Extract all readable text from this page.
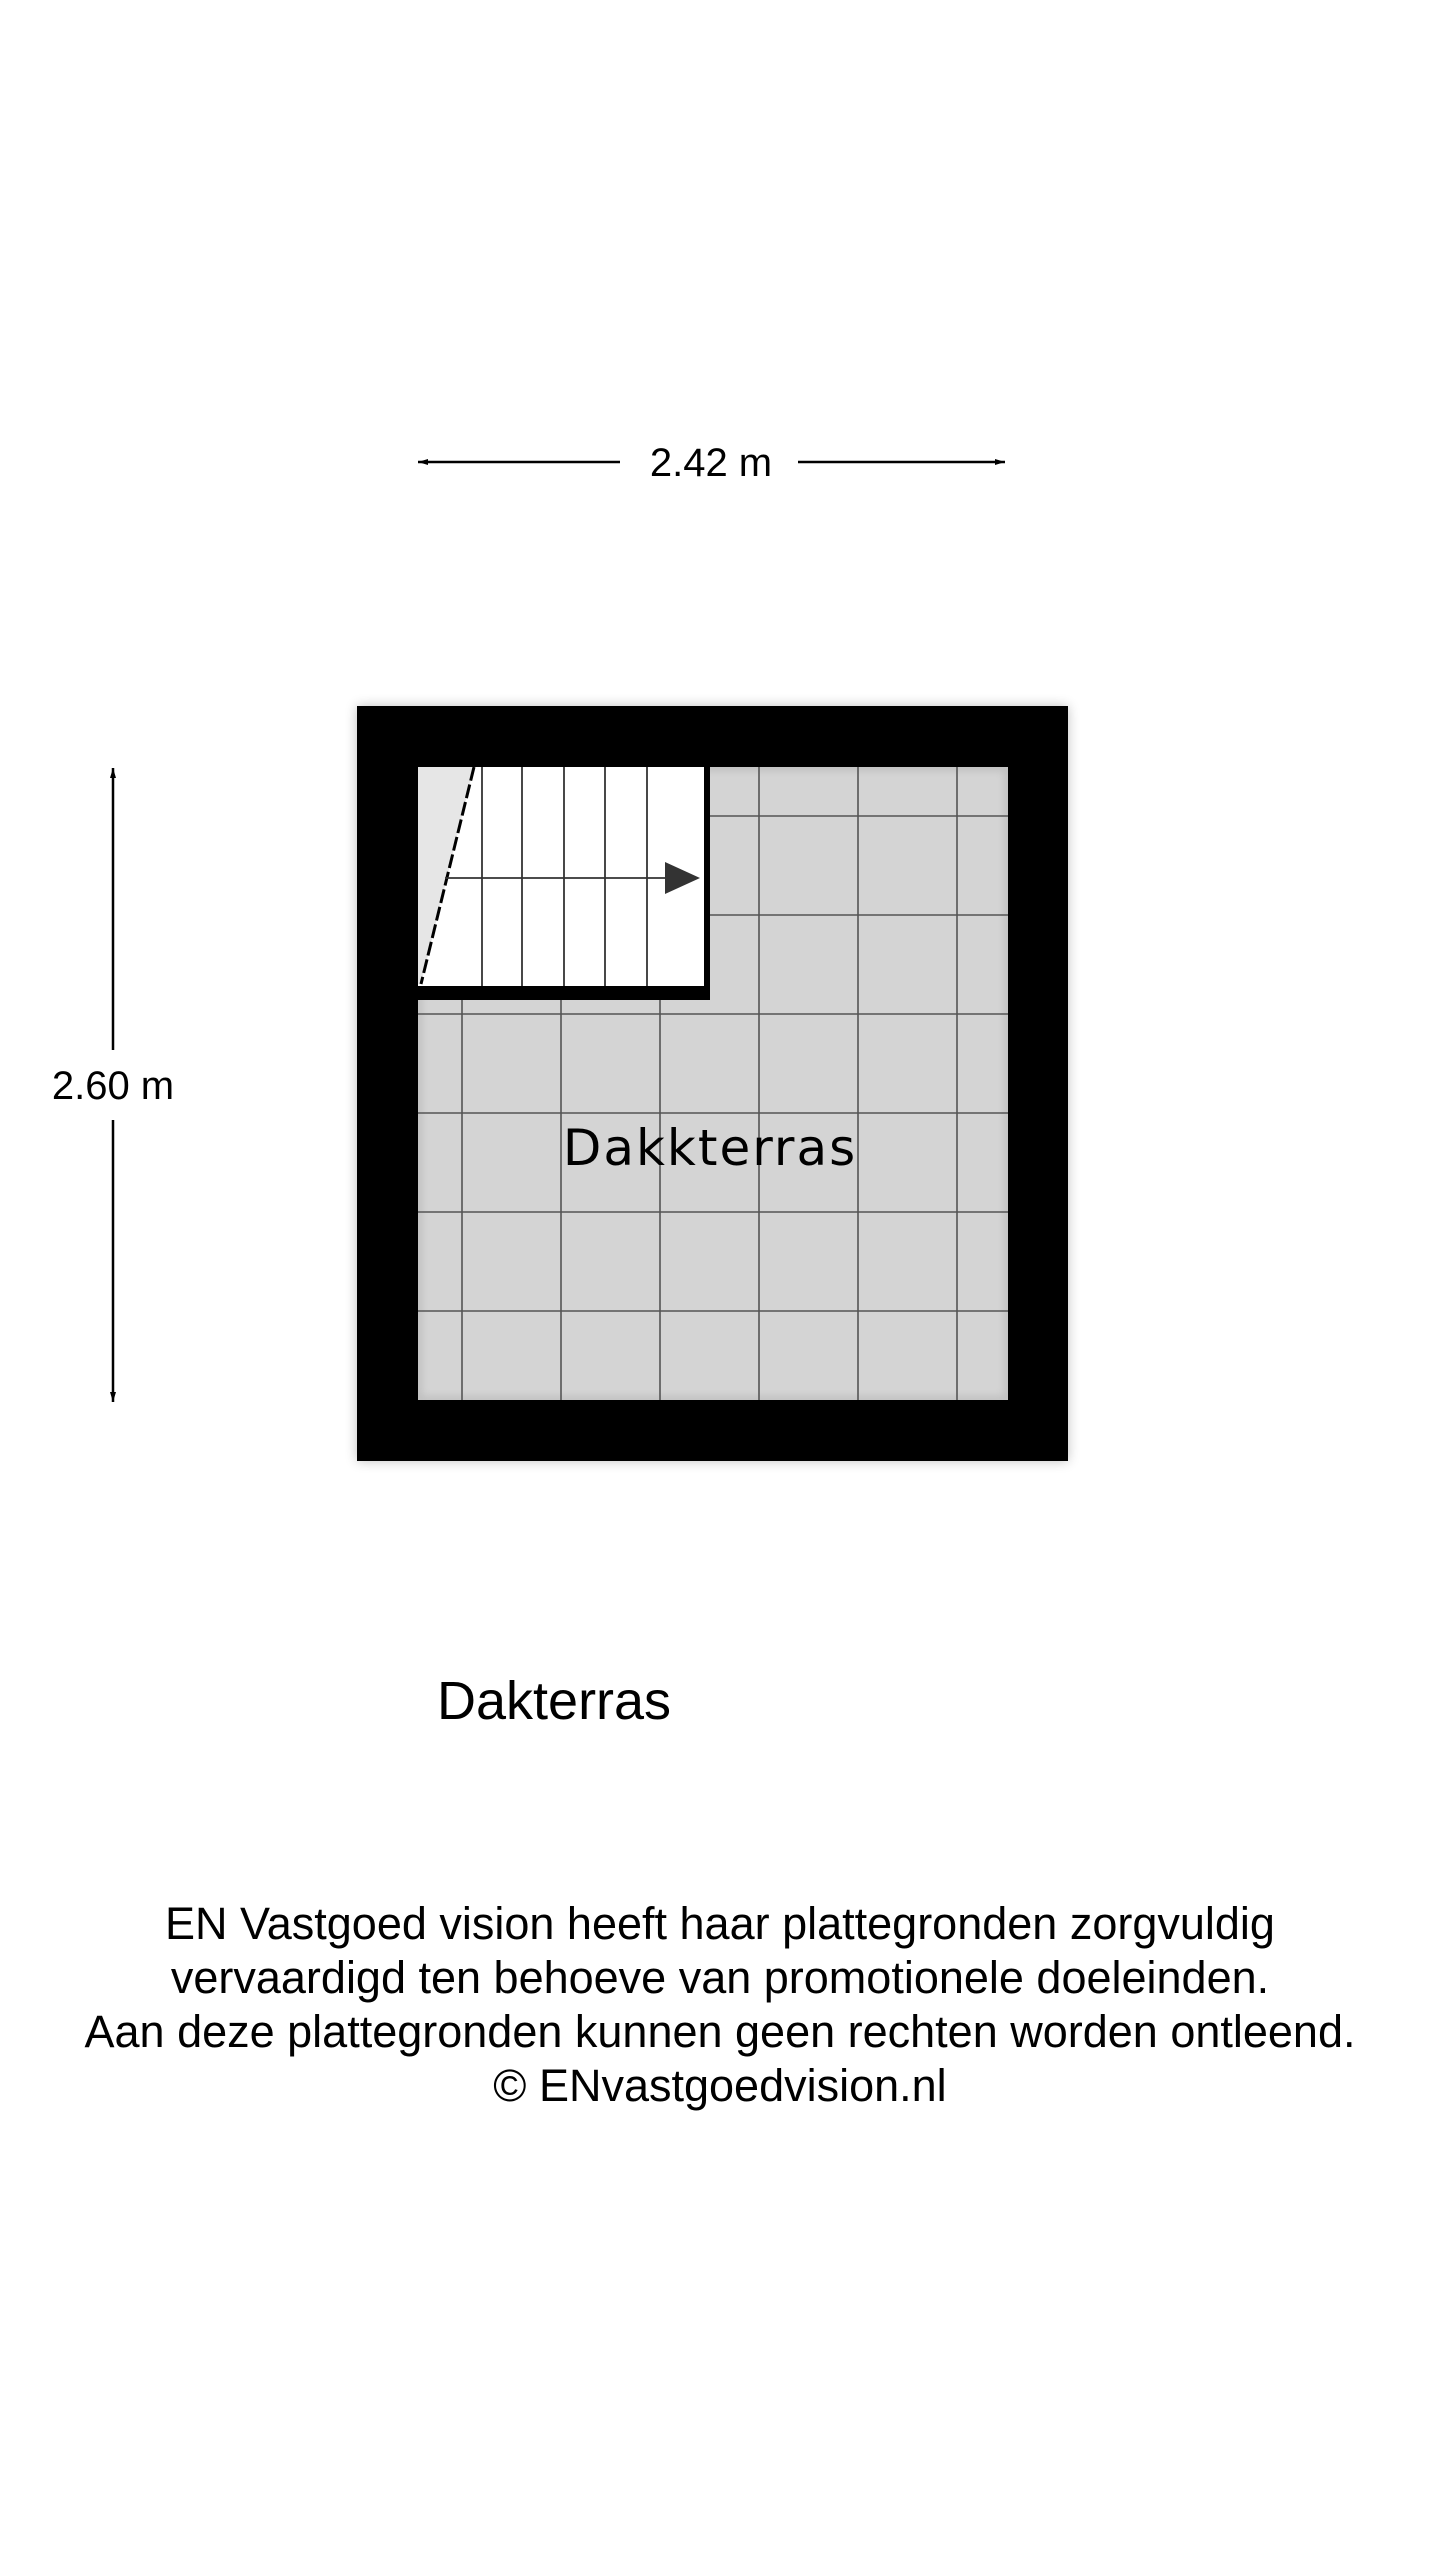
2.42 m
2.60 m
Dakkterras
Dakterras
EN Vastgoed vision heeft haar plattegronden zorgvuldig
vervaardigd ten behoeve van promotionele doeleinden.
Aan deze plattegronden kunnen geen rechten worden ontleend.
© ENvastgoedvision.nl
